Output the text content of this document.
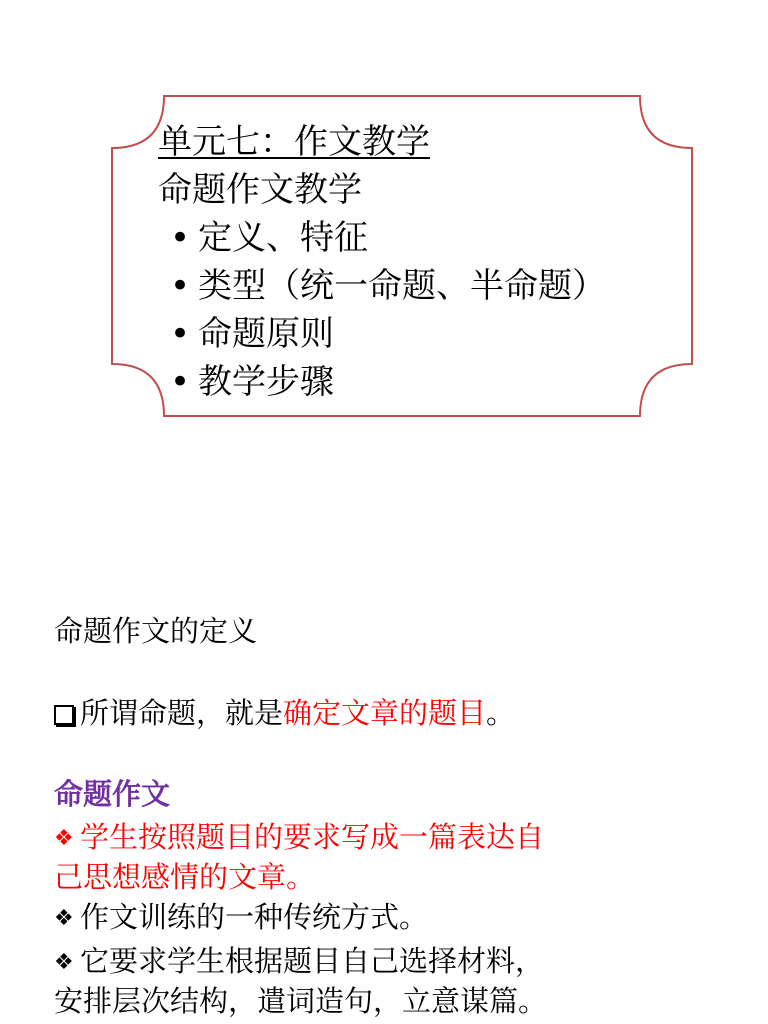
单元七：作文教学
命题作文教学
• 定义、特征
• 类型（统一命题、半命题）
• 命题原则
• 教学步骤
命题作文的定义
所谓命题，就是确定文章的题目。
命题作文
❖ 学生按照题目的要求写成一篇表达自
己思想感情的文章。
❖ 作文训练的一种传统方式。
❖ 它要求学生根据题目自己选择材料，
安排层次结构，遣词造句，立意谋篇。
